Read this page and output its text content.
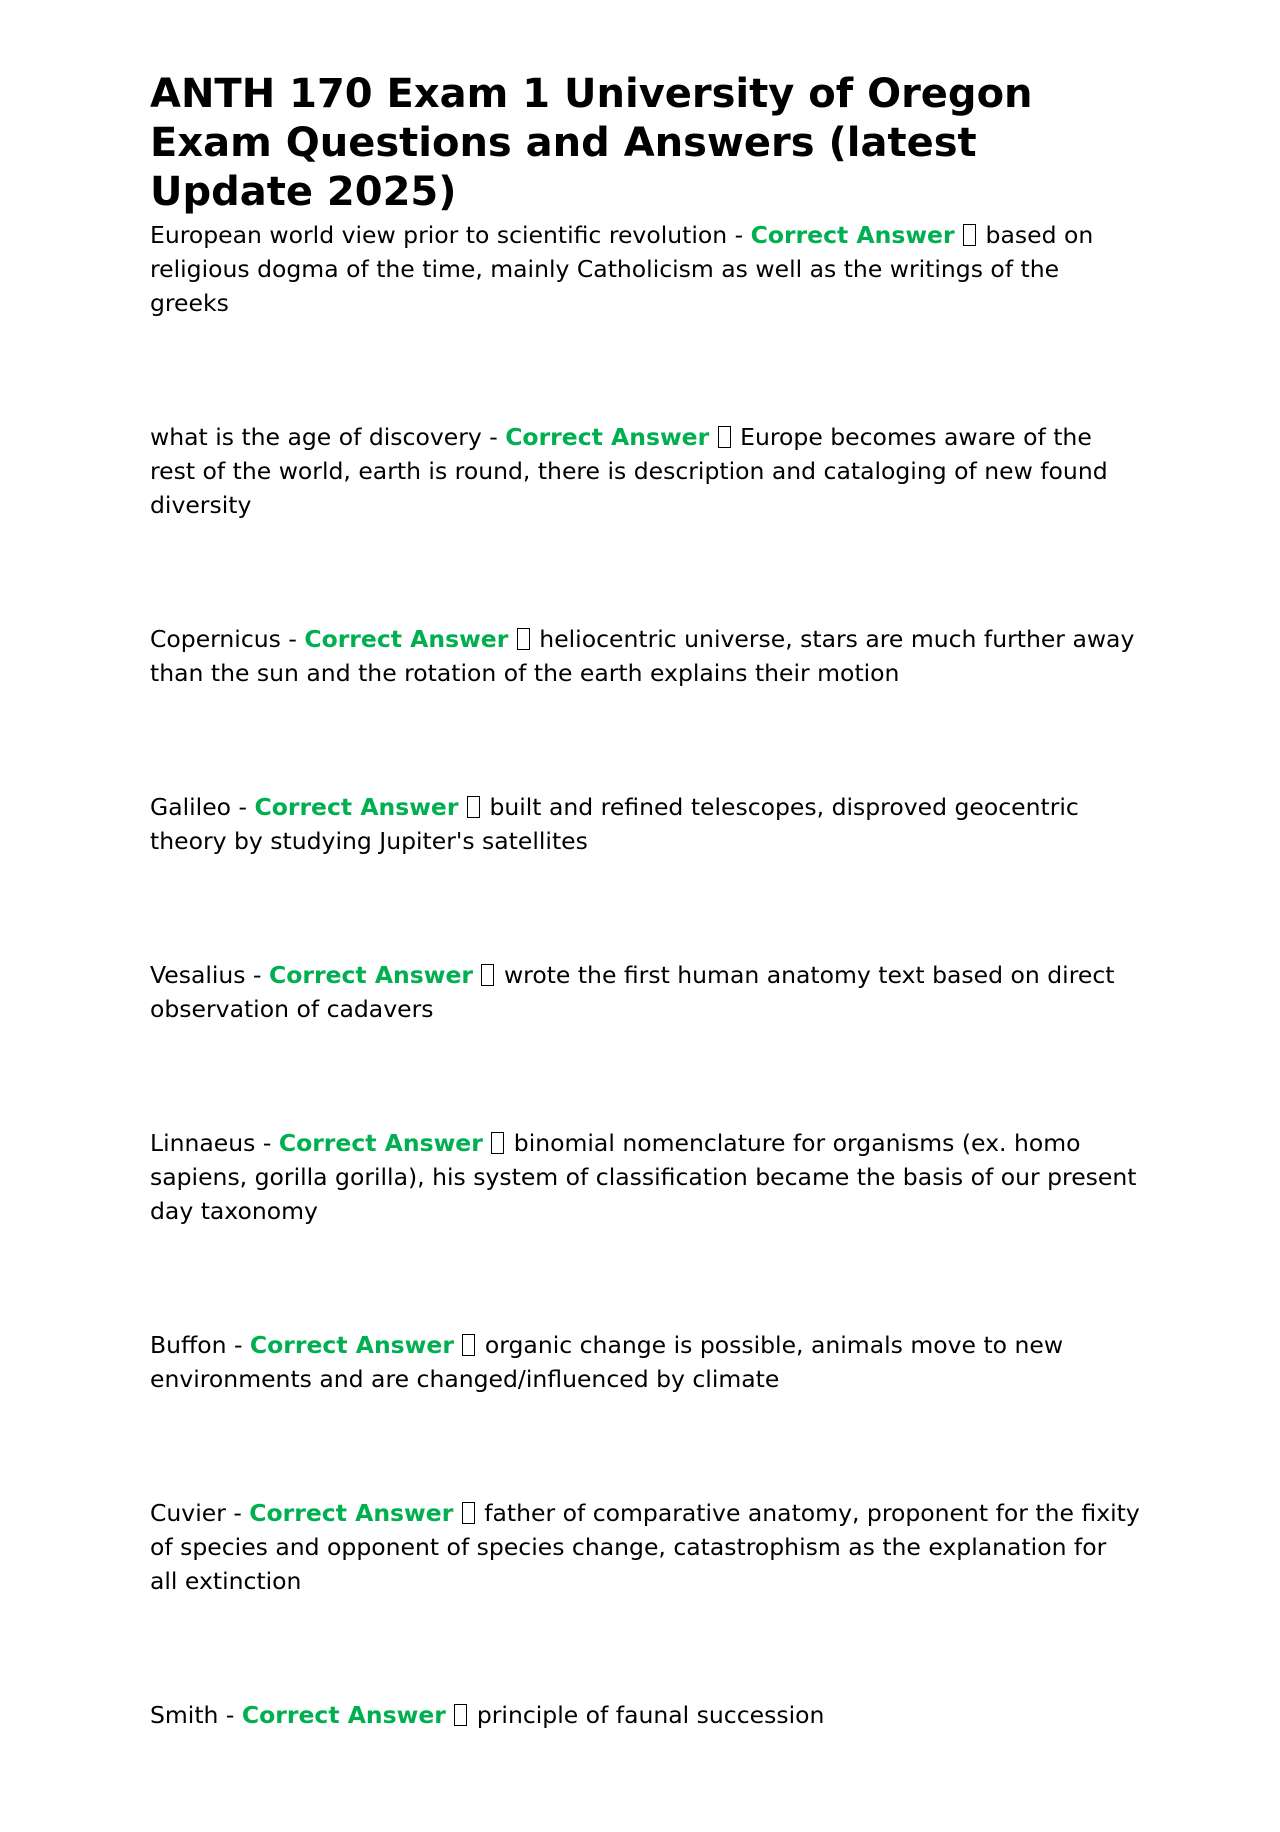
ANTH 170 Exam 1 University of Oregon Exam Questions and Answers (latest Update 2025)
European world view prior to scientific revolution - Correct Answer based on religious dogma of the time, mainly Catholicism as well as the writings of the greeks
what is the age of discovery - Correct Answer Europe becomes aware of the rest of the world, earth is round, there is description and cataloging of new found diversity
Copernicus - Correct Answer heliocentric universe, stars are much further away than the sun and the rotation of the earth explains their motion
Galileo - Correct Answer built and refined telescopes, disproved geocentric theory by studying Jupiter's satellites
Vesalius - Correct Answer wrote the first human anatomy text based on direct observation of cadavers
Linnaeus - Correct Answer binomial nomenclature for organisms (ex. homo sapiens, gorilla gorilla), his system of classification became the basis of our present day taxonomy
Buffon - Correct Answer organic change is possible, animals move to new environments and are changed/influenced by climate
Cuvier - Correct Answer father of comparative anatomy, proponent for the fixity of species and opponent of species change, catastrophism as the explanation for all extinction
Smith - Correct Answer principle of faunal succession
